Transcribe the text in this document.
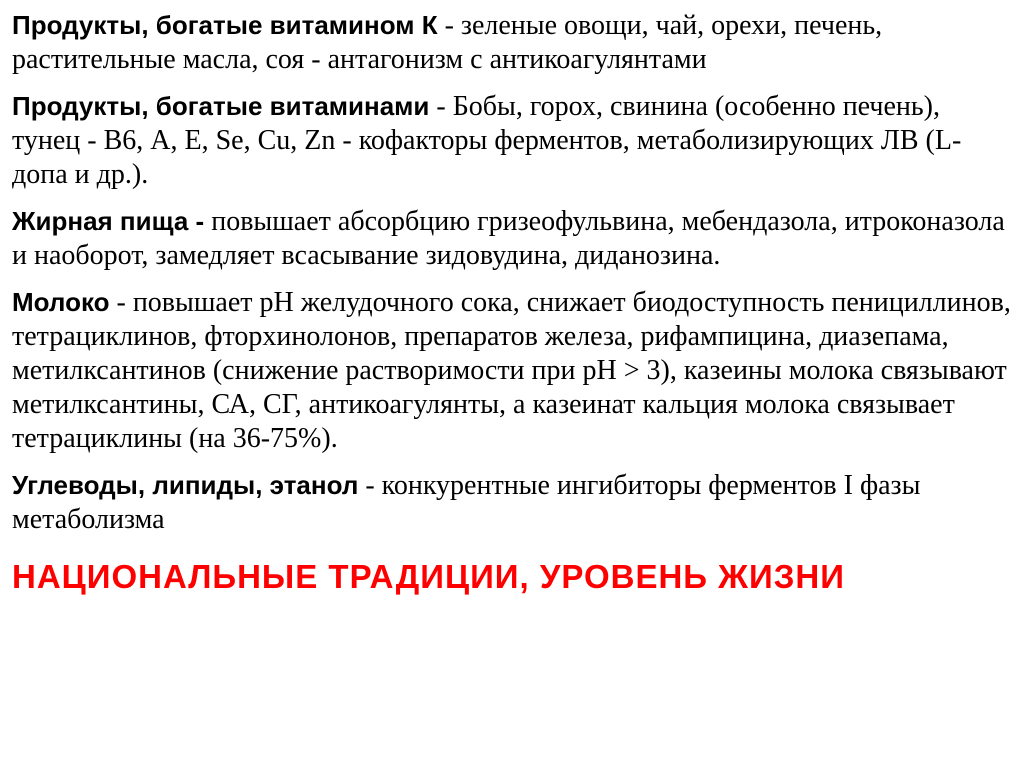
Продукты, богатые витамином К - зеленые овощи, чай, орехи, печень, растительные масла, соя - антагонизм с антикоагулянтами

Продукты, богатые витаминами - Бобы, горох, свинина (особенно печень), тунец - В6, А, Е, Se, Cu, Zn - кофакторы ферментов, метаболизирующих ЛВ (L-допа и др.).

Жирная пища - повышает абсорбцию гризеофульвина, мебендазола, итроконазола и наоборот, замедляет всасывание зидовудина, диданозина.

Молоко - повышает рН желудочного сока, снижает биодоступность пенициллинов, тетрациклинов, фторхинолонов, препаратов железа, рифампицина, диазепама, метилксантинов (снижение растворимости при рН > 3), казеины молока связывают метилксантины, СА, СГ, антикоагулянты, а казеинат кальция молока связывает тетрациклины (на 36-75%).

Углеводы, липиды, этанол - конкурентные ингибиторы ферментов I фазы метаболизма

НАЦИОНАЛЬНЫЕ ТРАДИЦИИ, УРОВЕНЬ ЖИЗНИ
